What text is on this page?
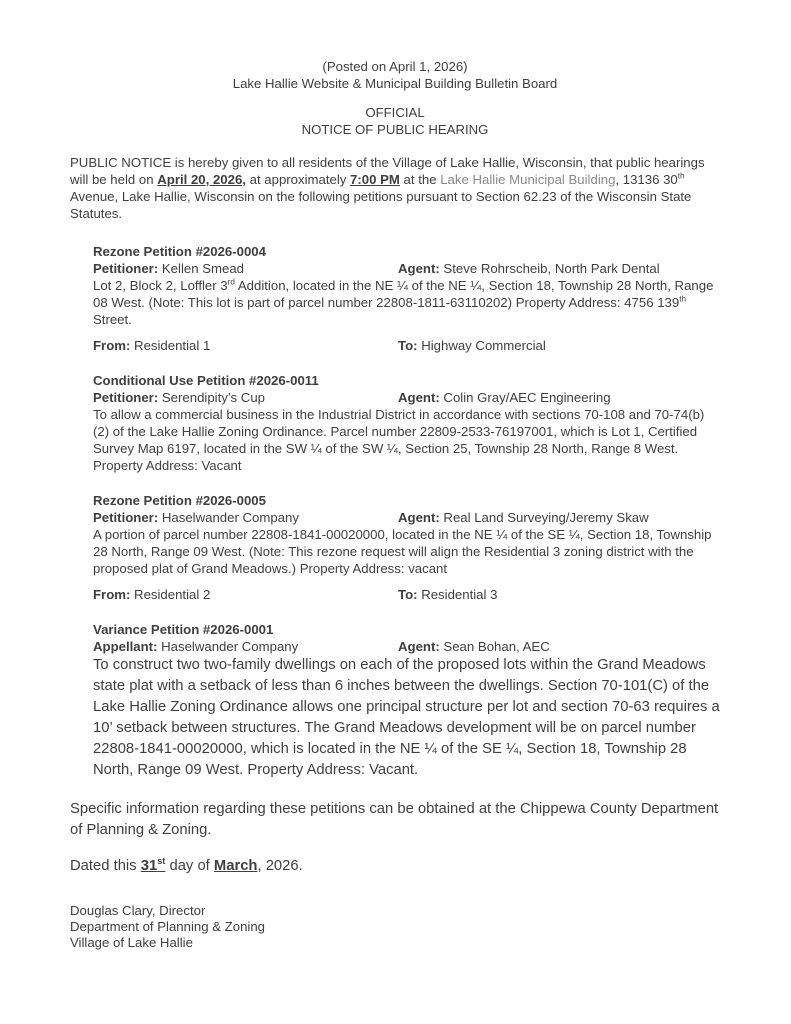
(Posted on April 1, 2026)
Lake Hallie Website & Municipal Building Bulletin Board
OFFICIAL
NOTICE OF PUBLIC HEARING

PUBLIC NOTICE is hereby given to all residents of the Village of Lake Hallie, Wisconsin, that public hearings will be held on April 20, 2026, at approximately 7:00 PM at the Lake Hallie Municipal Building, 13136 30th Avenue, Lake Hallie, Wisconsin on the following petitions pursuant to Section 62.23 of the Wisconsin State Statutes.

Rezone Petition #2026-0004
Petitioner: Kellen Smead	Agent: Steve Rohrscheib, North Park Dental
Lot 2, Block 2, Loffler 3rd Addition, located in the NE ¼ of the NE ¼, Section 18, Township 28 North, Range 08 West. (Note: This lot is part of parcel number 22808-1811-63110202) Property Address: 4756 139th Street.
From: Residential 1	To: Highway Commercial
Conditional Use Petition #2026-0011
Petitioner: Serendipity’s Cup	Agent: Colin Gray/AEC Engineering
To allow a commercial business in the Industrial District in accordance with sections 70-108 and 70-74(b)(2) of the Lake Hallie Zoning Ordinance. Parcel number 22809-2533-76197001, which is Lot 1, Certified Survey Map 6197, located in the SW ¼ of the SW ¼, Section 25, Township 28 North, Range 8 West. Property Address: Vacant
Rezone Petition #2026-0005
Petitioner: Haselwander Company	Agent: Real Land Surveying/Jeremy Skaw
A portion of parcel number 22808-1841-00020000, located in the NE ¼ of the SE ¼, Section 18, Township 28 North, Range 09 West. (Note: This rezone request will align the Residential 3 zoning district with the proposed plat of Grand Meadows.) Property Address: vacant
From: Residential 2	To: Residential 3
Variance Petition #2026-0001
Appellant: Haselwander Company	Agent: Sean Bohan, AEC
To construct two two-family dwellings on each of the proposed lots within the Grand Meadows state plat with a setback of less than 6 inches between the dwellings. Section 70-101(C) of the Lake Hallie Zoning Ordinance allows one principal structure per lot and section 70-63 requires a 10’ setback between structures. The Grand Meadows development will be on parcel number 22808-1841-00020000, which is located in the NE ¼ of the SE ¼, Section 18, Township 28 North, Range 09 West. Property Address: Vacant.

Specific information regarding these petitions can be obtained at the Chippewa County Department of Planning & Zoning.

Dated this 31st day of March, 2026.

Douglas Clary, Director
Department of Planning & Zoning
Village of Lake Hallie
